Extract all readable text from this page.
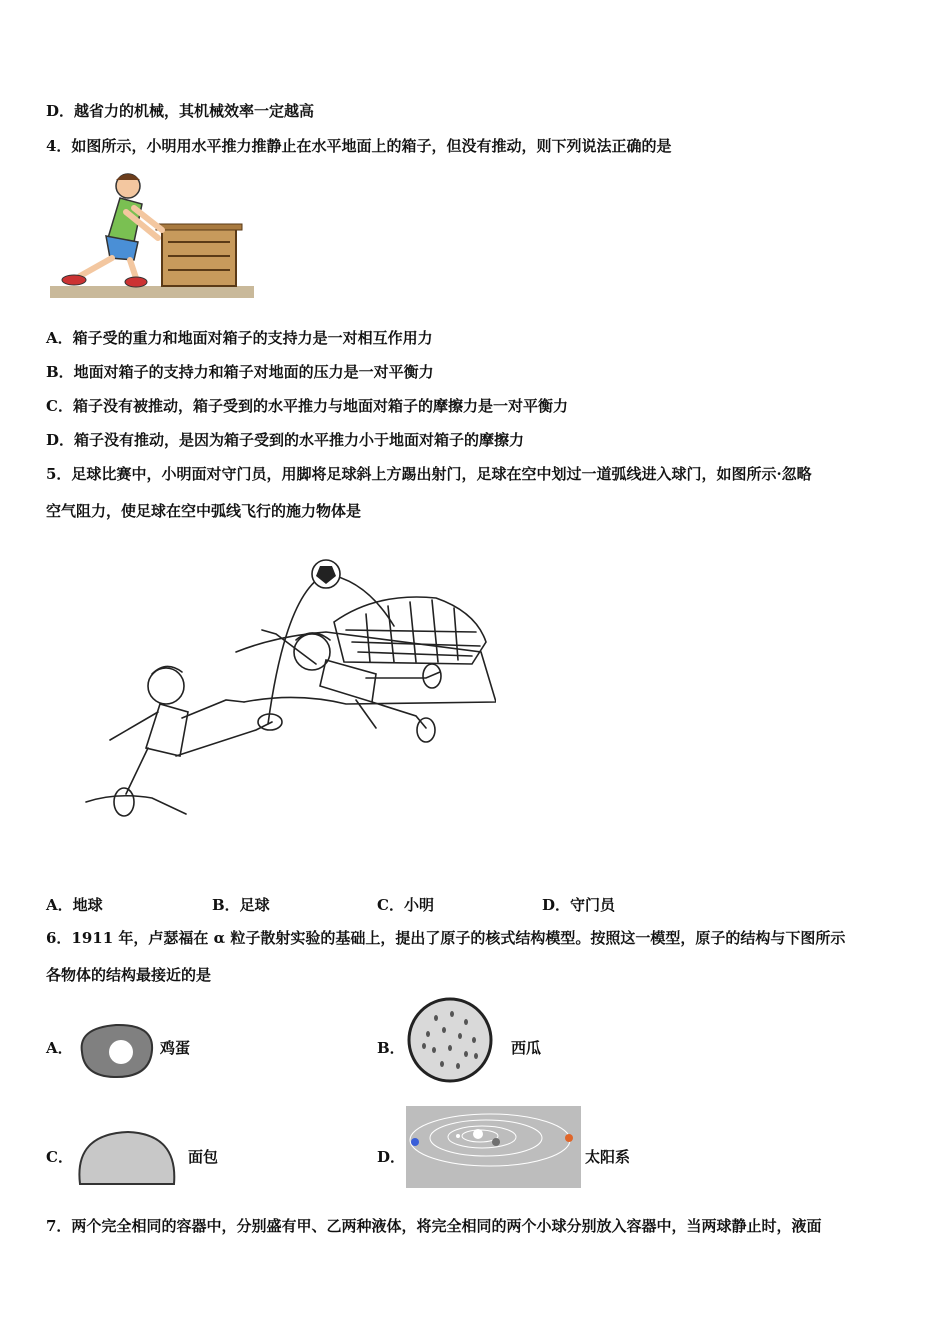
D．越省力的机械，其机械效率一定越高
4．如图所示，小明用水平推力推静止在水平地面上的箱子，但没有推动，则下列说法正确的是
A．箱子受的重力和地面对箱子的支持力是一对相互作用力
B．地面对箱子的支持力和箱子对地面的压力是一对平衡力
C．箱子没有被推动，箱子受到的水平推力与地面对箱子的摩擦力是一对平衡力
D．箱子没有推动，是因为箱子受到的水平推力小于地面对箱子的摩擦力
5．足球比赛中，小明面对守门员，用脚将足球斜上方踢出射门，足球在空中划过一道弧线进入球门，如图所示·忽略
空气阻力，使足球在空中弧线飞行的施力物体是
A．地球	B．足球	C．小明	D．守门员
6．1911 年，卢瑟福在 α 粒子散射实验的基础上，提出了原子的核式结构模型。按照这一模型，原子的结构与下图所示
各物体的结构最接近的是
A．	鸡蛋	B．	西瓜
C．	面包	D．	太阳系
7．两个完全相同的容器中，分别盛有甲、乙两种液体，将完全相同的两个小球分别放入容器中，当两球静止时，液面
